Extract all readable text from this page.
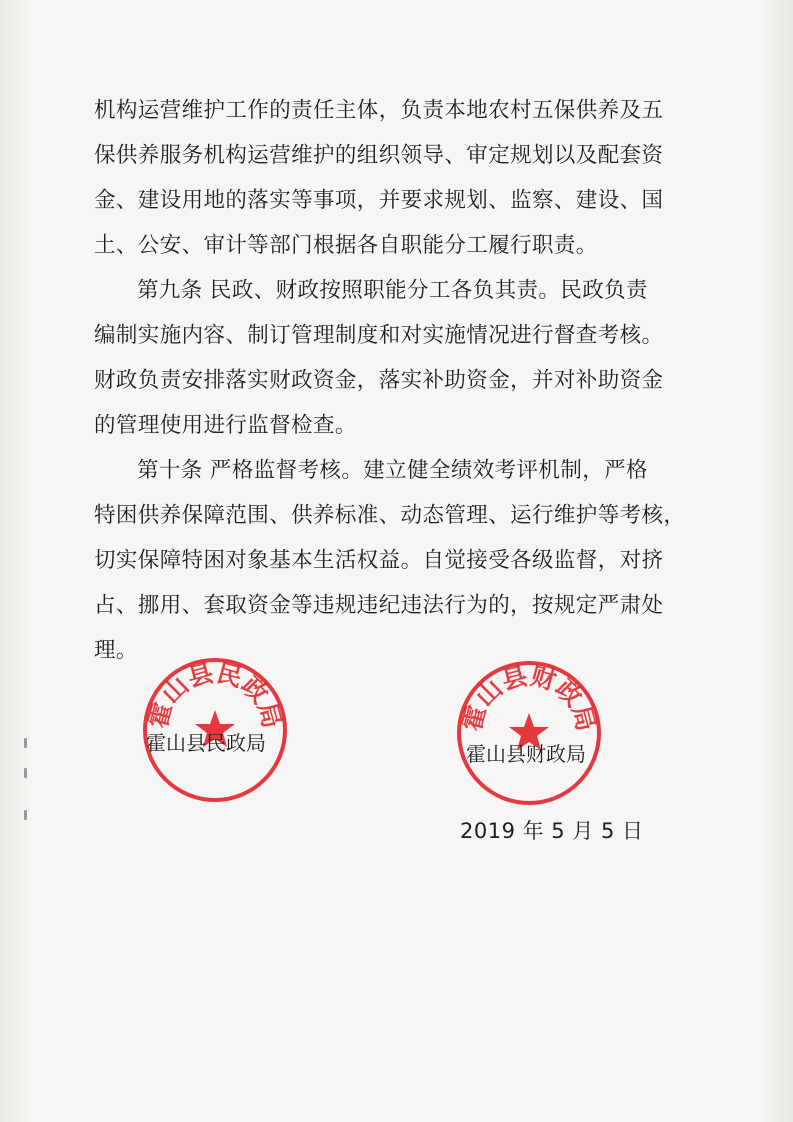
机构运营维护工作的责任主体，负责本地农村五保供养及五
保供养服务机构运营维护的组织领导、审定规划以及配套资
金、建设用地的落实等事项，并要求规划、监察、建设、国
土、公安、审计等部门根据各自职能分工履行职责。
第九条 民政、财政按照职能分工各负其责。民政负责
编制实施内容、制订管理制度和对实施情况进行督查考核。
财政负责安排落实财政资金，落实补助资金，并对补助资金
的管理使用进行监督检查。
第十条 严格监督考核。建立健全绩效考评机制，严格
特困供养保障范围、供养标准、动态管理、运行维护等考核，
切实保障特困对象基本生活权益。自觉接受各级监督，对挤
占、挪用、套取资金等违规违纪违法行为的，按规定严肃处
理。
霍山县民政局
霍山县民政局
霍山县财政局
霍山县财政局
2019 年 5 月 5 日
